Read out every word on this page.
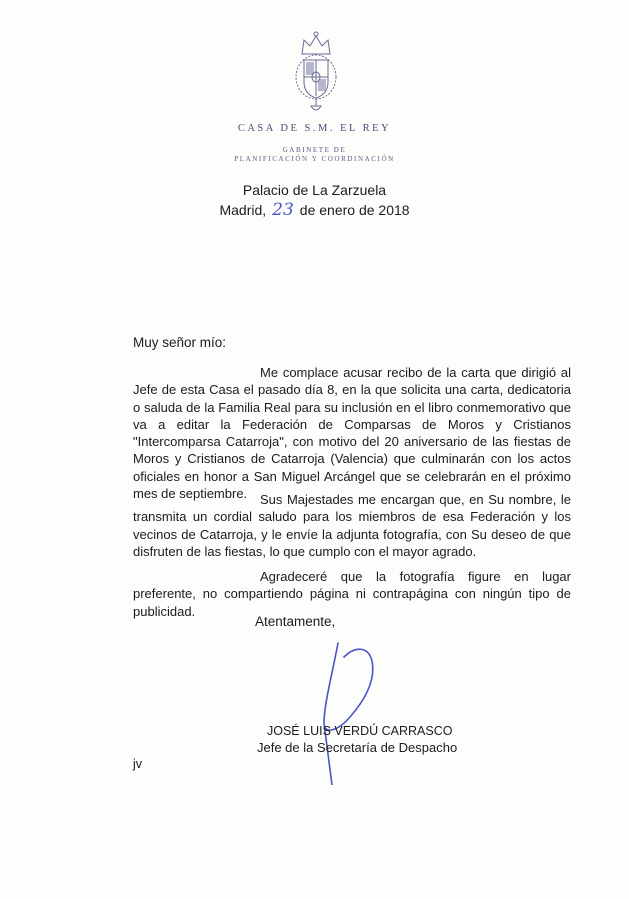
CASA DE S.M. EL REY
GABINETE DE
PLANIFICACIÓN Y COORDINACIÓN
Palacio de La Zarzuela
Madrid, 23 de enero de 2018
Muy señor mío:

Me complace acusar recibo de la carta que dirigió al Jefe de esta Casa el pasado día 8, en la que solicita una carta, dedicatoria o saluda de la Familia Real para su inclusión en el libro conmemorativo que va a editar la Federación de Comparsas de Moros y Cristianos "Intercomparsa Catarroja", con motivo del 20 aniversario de las fiestas de Moros y Cristianos de Catarroja (Valencia) que culminarán con los actos oficiales en honor a San Miguel Arcángel que se celebrarán en el próximo mes de septiembre. Sus Majestades me encargan que, en Su nombre, le transmita un cordial saludo para los miembros de esa Federación y los vecinos de Catarroja, y le envíe la adjunta fotografía, con Su deseo de que disfruten de las fiestas, lo que cumplo con el mayor agrado.

Agradeceré que la fotografía figure en lugar preferente, no compartiendo página ni contrapágina con ningún tipo de publicidad.

Atentamente,
JOSÉ LUIS VERDÚ CARRASCO
Jefe de la Secretaría de Despacho
jv
